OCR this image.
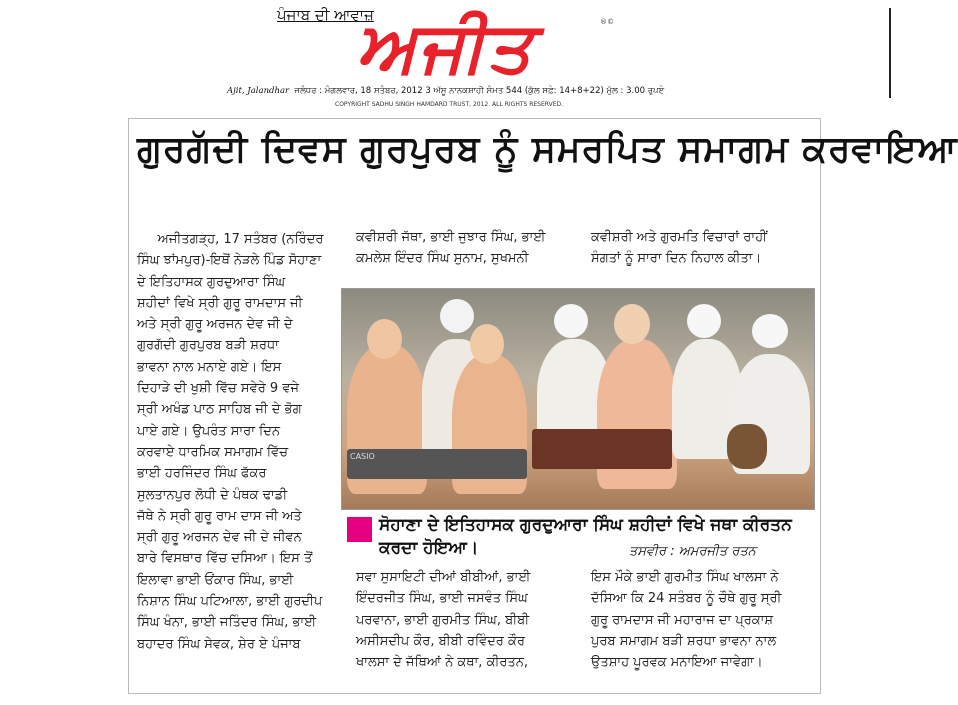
ਪੰਜਾਬ ਦੀ ਆਵਾਜ਼
ਅਜੀਤ	®©
Ajit, Jalandhar ਜਲੰਧਰ : ਮੰਗਲਵਾਰ, 18 ਸਤੰਬਰ, 2012 3 ਅੱਸੂ ਨਾਨਕਸ਼ਾਹੀ ਸੰਮਤ 544 (ਕੁੱਲ ਸਫ਼ੇ: 14+8+22) ਮੁੱਲ : 3.00 ਰੁਪਏ
COPYRIGHT SADHU SINGH HAMDARD TRUST, 2012. ALL RIGHTS RESERVED.
ਗੁਰਗੱਦੀ ਦਿਵਸ ਗੁਰਪੁਰਬ ਨੂੰ ਸਮਰਪਿਤ ਸਮਾਗਮ ਕਰਵਾਇਆ

ਅਜੀਤਗੜ੍ਹ, 17 ਸਤੰਬਰ (ਨਰਿੰਦਰ

ਸਿੰਘ ਝਾਂਮਪੁਰ)-ਇਥੋਂ ਨੇੜਲੇ ਪਿੰਡ ਸੋਹਾਣਾ

ਦੇ ਇਤਿਹਾਸਕ ਗੁਰਦੁਆਰਾ ਸਿੰਘ

ਸ਼ਹੀਦਾਂ ਵਿਖੇ ਸ੍ਰੀ ਗੁਰੂ ਰਾਮਦਾਸ ਜੀ

ਅਤੇ ਸ੍ਰੀ ਗੁਰੂ ਅਰਜਨ ਦੇਵ ਜੀ ਦੇ

ਗੁਰਗੱਦੀ ਗੁਰਪੁਰਬ ਬੜੀ ਸ਼ਰਧਾ

ਭਾਵਨਾ ਨਾਲ ਮਨਾਏ ਗਏ। ਇਸ

ਦਿਹਾੜੇ ਦੀ ਖੁਸ਼ੀ ਵਿੱਚ ਸਵੇਰੇ 9 ਵਜੇ

ਸ੍ਰੀ ਅਖੰਡ ਪਾਠ ਸਾਹਿਬ ਜੀ ਦੇ ਭੋਗ

ਪਾਏ ਗਏ। ਉਪਰੰਤ ਸਾਰਾ ਦਿਨ

ਕਰਵਾਏ ਧਾਰਮਿਕ ਸਮਾਗਮ ਵਿੱਚ

ਭਾਈ ਹਰਜਿੰਦਰ ਸਿੰਘ ਫੱਕਰ

ਸੁਲਤਾਨਪੁਰ ਲੋਧੀ ਦੇ ਪੰਥਕ ਢਾਡੀ

ਜੱਥੇ ਨੇ ਸ੍ਰੀ ਗੁਰੂ ਰਾਮ ਦਾਸ ਜੀ ਅਤੇ

ਸ੍ਰੀ ਗੁਰੂ ਅਰਜਨ ਦੇਵ ਜੀ ਦੇ ਜੀਵਨ

ਬਾਰੇ ਵਿਸਥਾਰ ਵਿੱਚ ਦਸਿਆ। ਇਸ ਤੋਂ

ਇਲਾਵਾ ਭਾਈ ਓਂਕਾਰ ਸਿੰਘ, ਭਾਈ

ਨਿਸ਼ਾਨ ਸਿੰਘ ਪਟਿਆਲਾ, ਭਾਈ ਗੁਰਦੀਪ

ਸਿੰਘ ਖੰਨਾ, ਭਾਈ ਜਤਿੰਦਰ ਸਿੰਘ, ਭਾਈ

ਬਹਾਦਰ ਸਿੰਘ ਸੇਵਕ, ਸ਼ੇਰ ਏ ਪੰਜਾਬ

ਕਵੀਸ਼ਰੀ ਜੱਥਾ, ਭਾਈ ਜੁਝਾਰ ਸਿੰਘ, ਭਾਈ

ਕਮਲੇਸ਼ ਇੰਦਰ ਸਿੰਘ ਸੁਨਾਮ, ਸੁਖਮਨੀ

ਕਵੀਸ਼ਰੀ ਅਤੇ ਗੁਰਮਤਿ ਵਿਚਾਰਾਂ ਰਾਹੀਂ

ਸੰਗਤਾਂ ਨੂੰ ਸਾਰਾ ਦਿਨ ਨਿਹਾਲ ਕੀਤਾ।

CASIO
ਸੋਹਾਣਾ ਦੇ ਇਤਿਹਾਸਕ ਗੁਰਦੁਆਰਾ ਸਿੰਘ ਸ਼ਹੀਦਾਂ ਵਿਖੇ ਜਥਾ ਕੀਰਤਨ ਕਰਦਾ ਹੋਇਆ।	ਤਸਵੀਰ : ਅਮਰਜੀਤ ਰਤਨ

ਸਵਾ ਸੁਸਾਇਟੀ ਦੀਆਂ ਬੀਬੀਆਂ, ਭਾਈ

ਇੰਦਰਜੀਤ ਸਿੰਘ, ਭਾਈ ਜਸਵੰਤ ਸਿੰਘ

ਪਰਵਾਨਾ, ਭਾਈ ਗੁਰਮੀਤ ਸਿੰਘ, ਬੀਬੀ

ਅਸੀਸਦੀਪ ਕੌਰ, ਬੀਬੀ ਰਵਿੰਦਰ ਕੌਰ

ਖਾਲਸਾ ਦੇ ਜੱਥਿਆਂ ਨੇ ਕਥਾ, ਕੀਰਤਨ,

ਇਸ ਮੌਕੇ ਭਾਈ ਗੁਰਮੀਤ ਸਿੰਘ ਖਾਲਸਾ ਨੇ

ਦੱਸਿਆ ਕਿ 24 ਸਤੰਬਰ ਨੂੰ ਚੌਥੇ ਗੁਰੂ ਸ੍ਰੀ

ਗੁਰੂ ਰਾਮਦਾਸ ਜੀ ਮਹਾਰਾਜ ਦਾ ਪ੍ਰਕਾਸ਼

ਪੁਰਬ ਸਮਾਗਮ ਬੜੀ ਸ਼ਰਧਾ ਭਾਵਨਾ ਨਾਲ

ਉਤਸ਼ਾਹ ਪੂਰਵਕ ਮਨਾਇਆ ਜਾਵੇਗਾ।
